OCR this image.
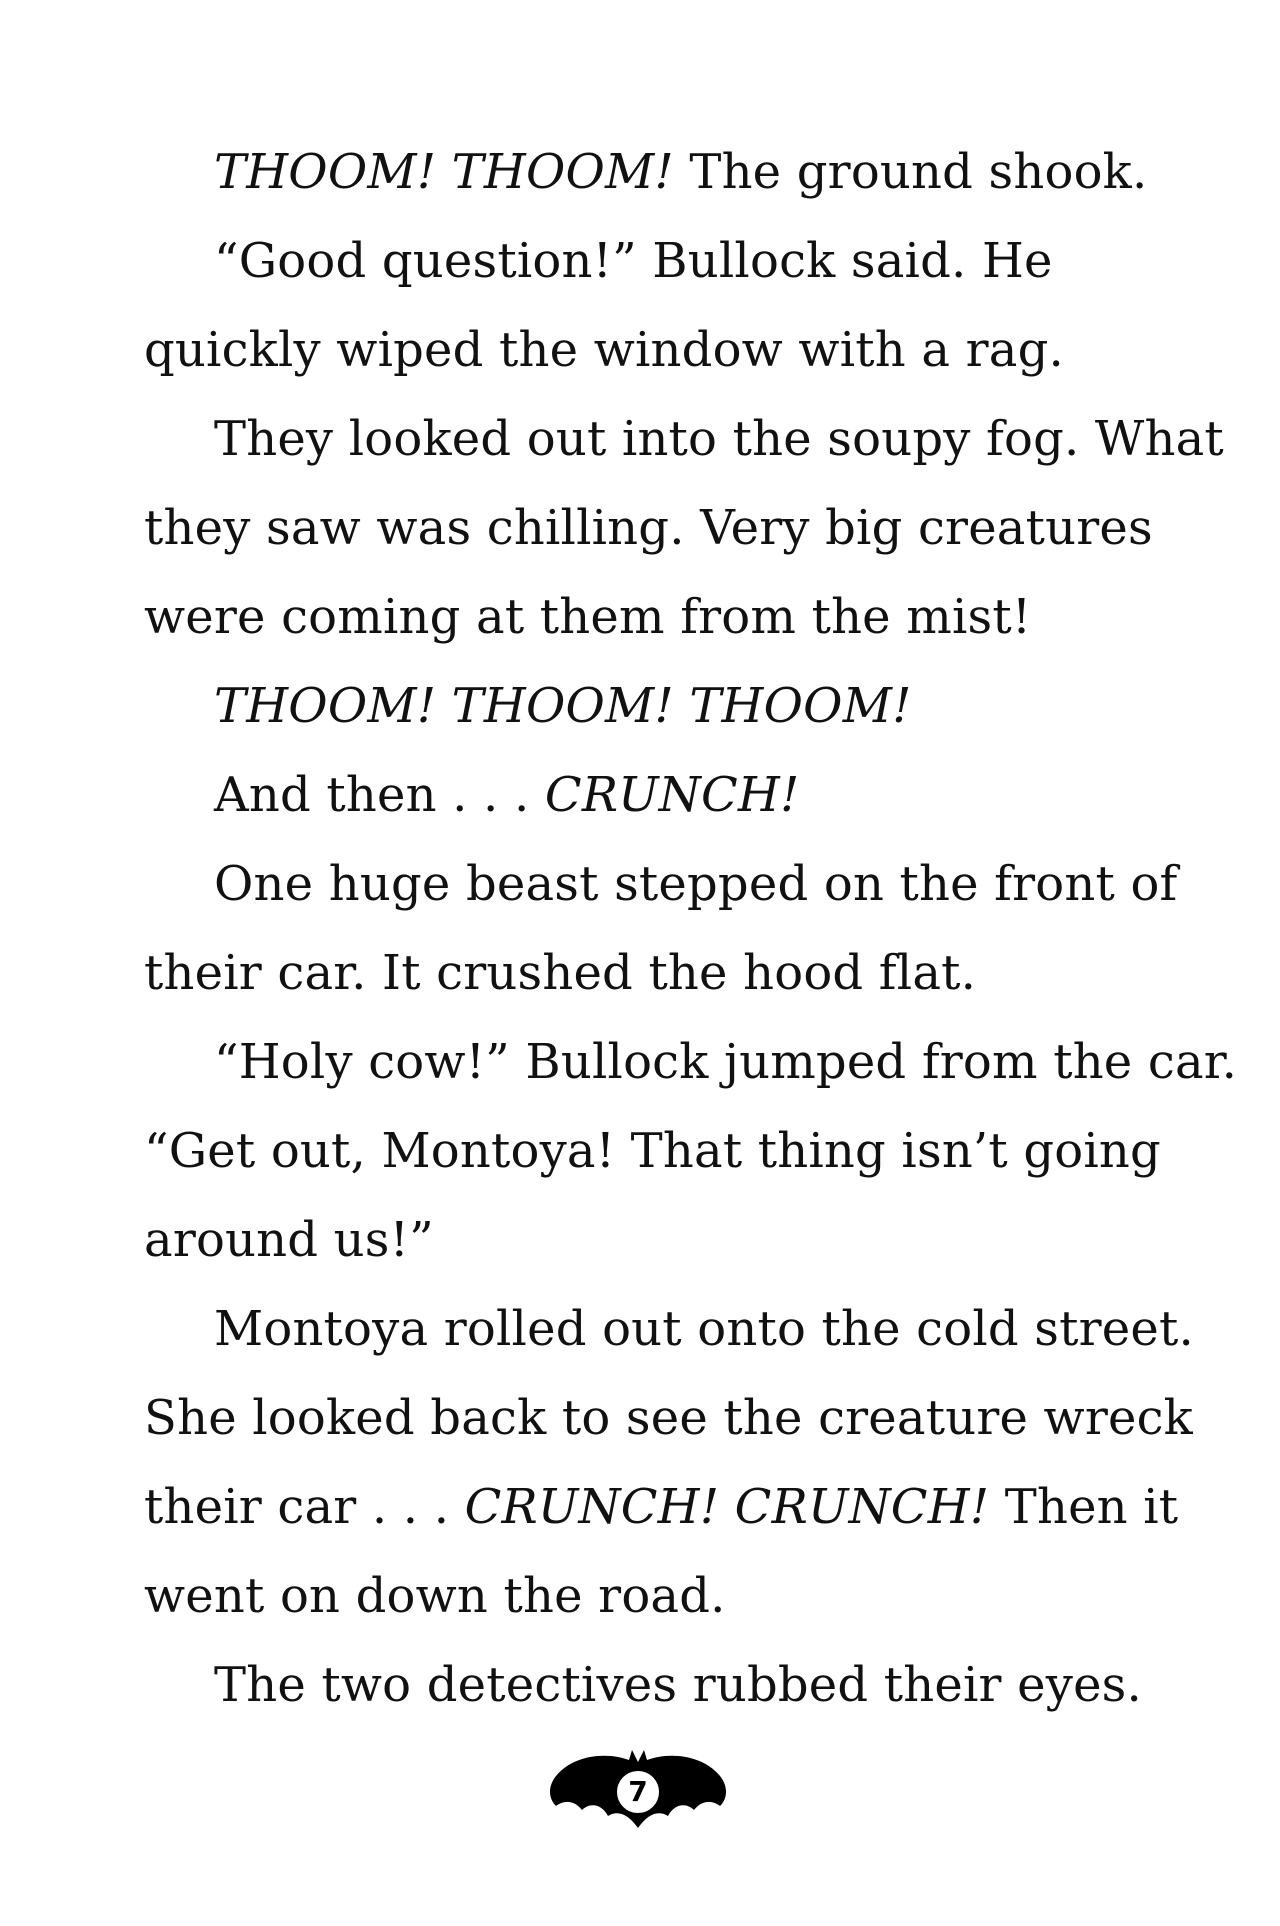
THOOM! THOOM! The ground shook.
“Good question!” Bullock said. He
quickly wiped the window with a rag.
They looked out into the soupy fog. What
they saw was chilling. Very big creatures
were coming at them from the mist!
THOOM! THOOM! THOOM!
And then . . . CRUNCH!
One huge beast stepped on the front of
their car. It crushed the hood flat.
“Holy cow!” Bullock jumped from the car.
“Get out, Montoya! That thing isn’t going
around us!”
Montoya rolled out onto the cold street.
She looked back to see the creature wreck
their car . . . CRUNCH! CRUNCH! Then it
went on down the road.
The two detectives rubbed their eyes.
7
